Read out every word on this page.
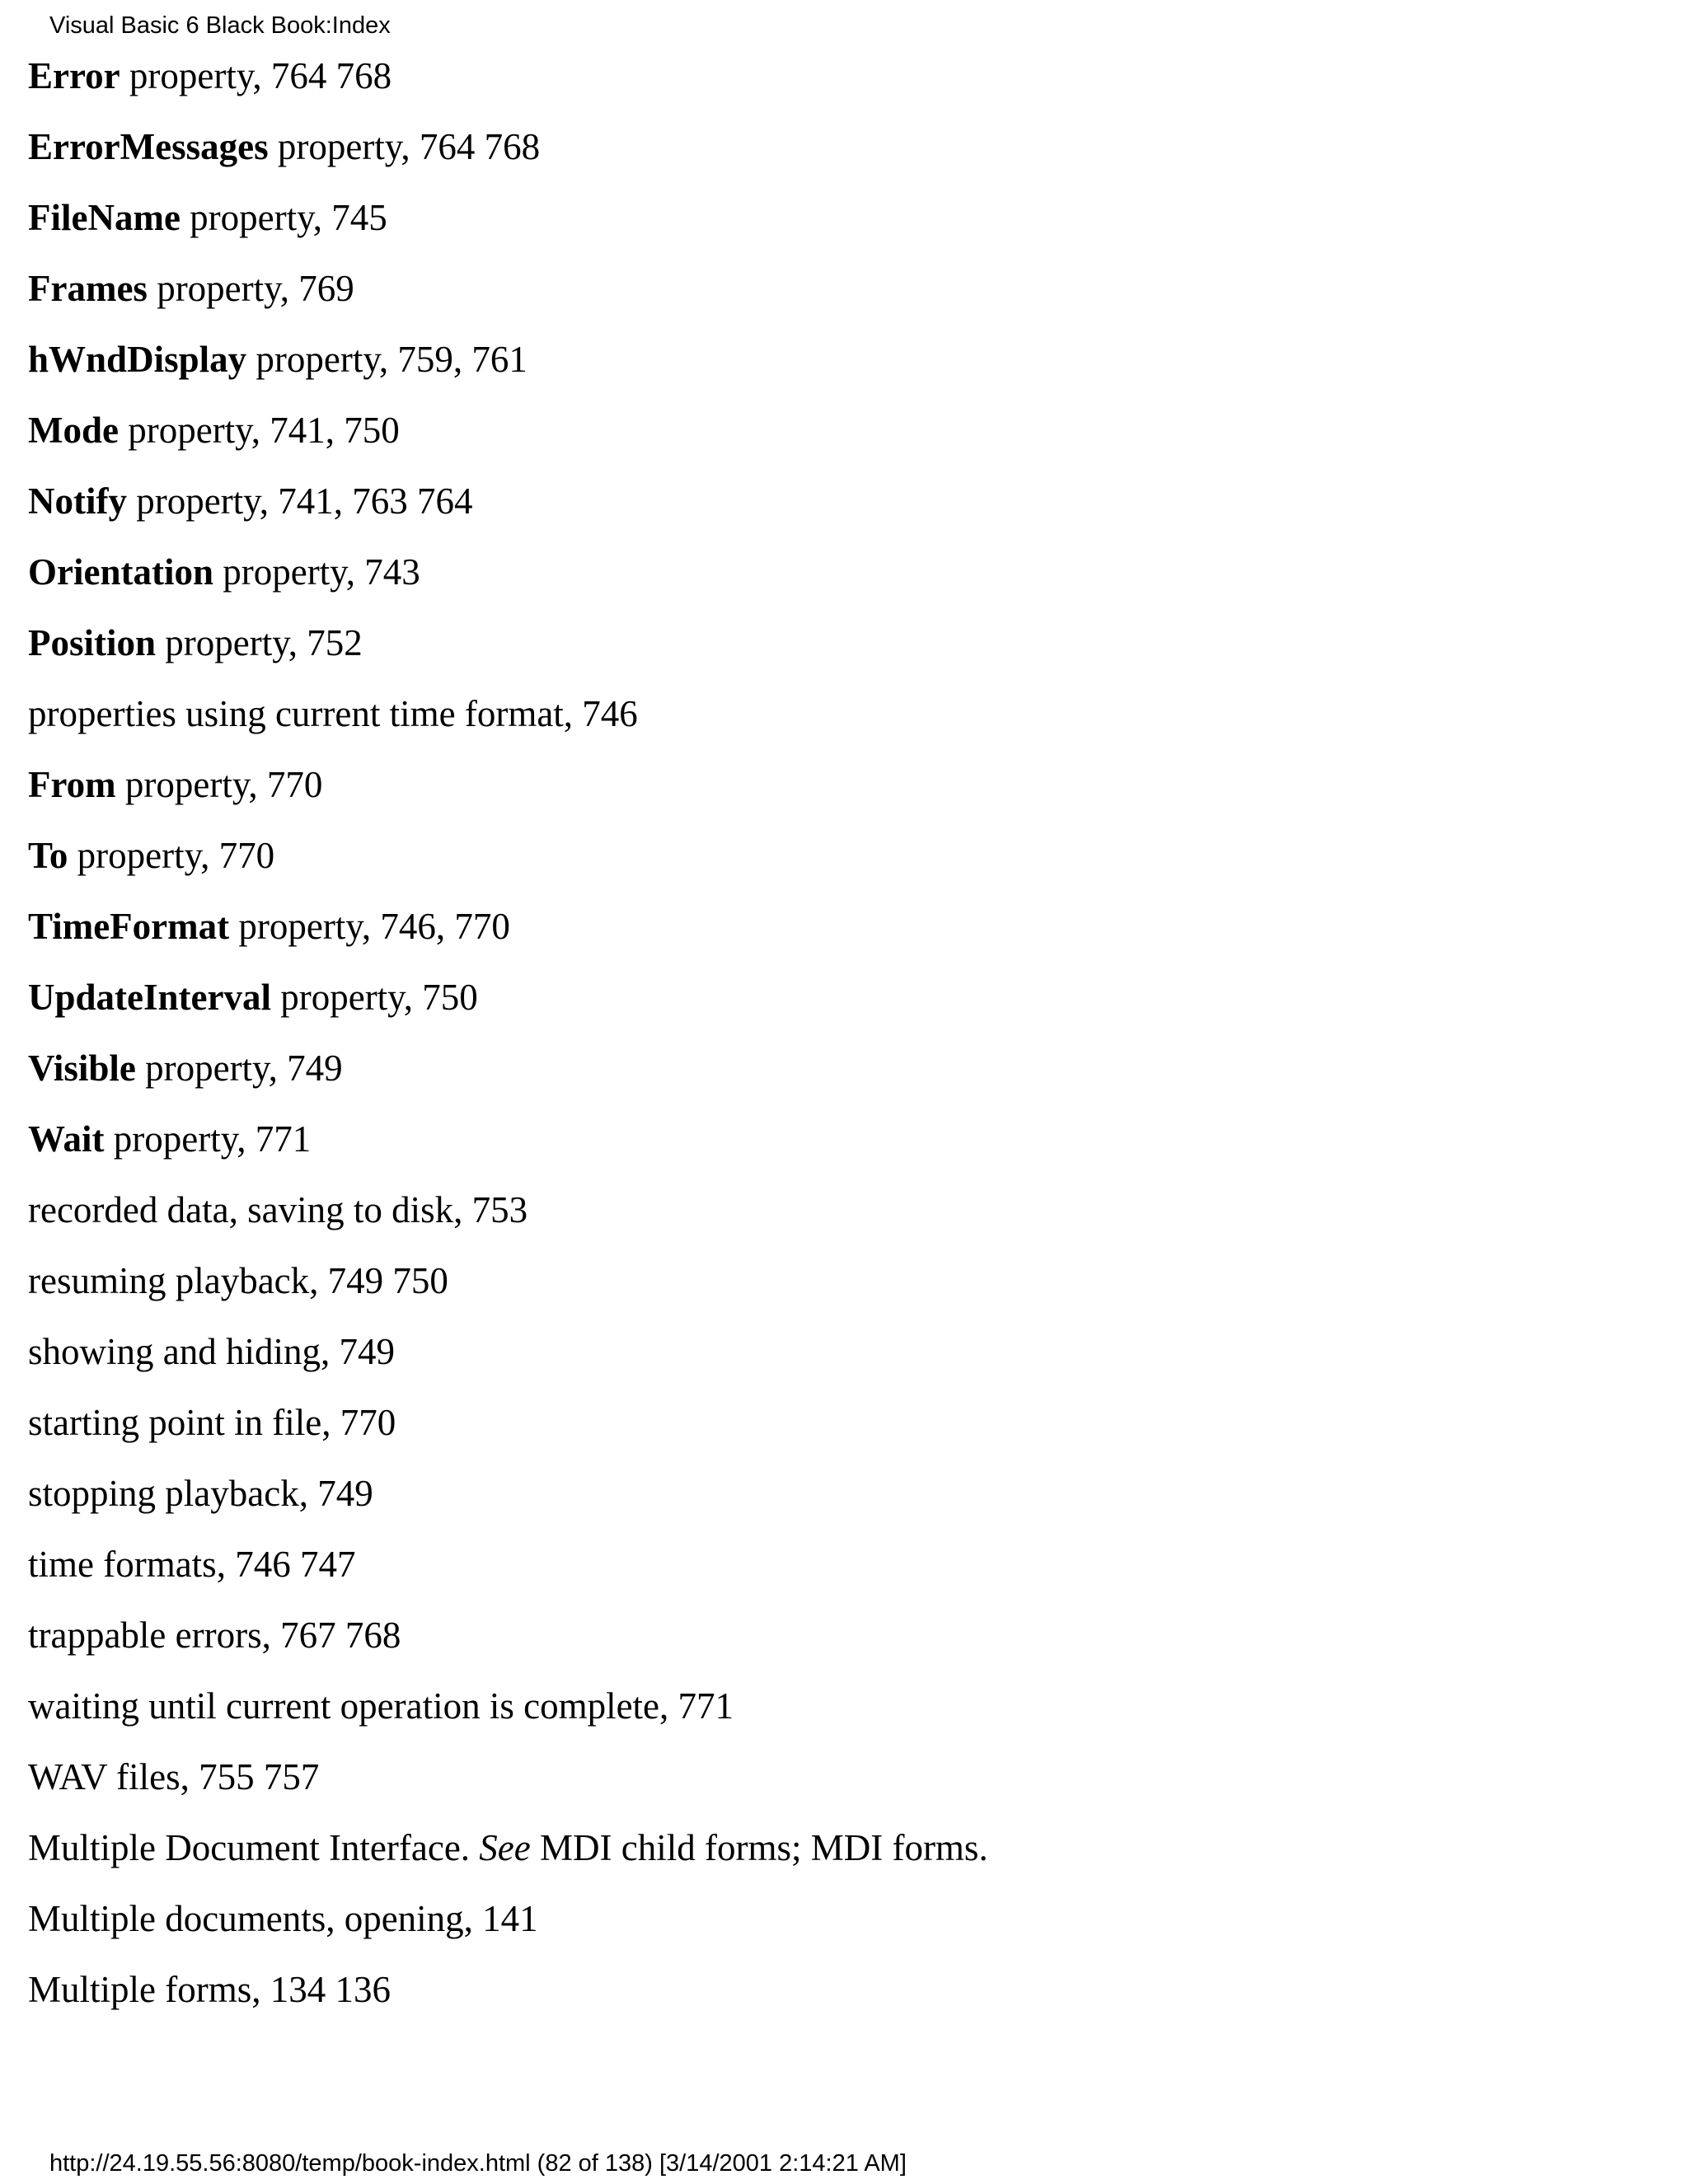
Visual Basic 6 Black Book:Index
Error property, 764 768
ErrorMessages property, 764 768
FileName property, 745
Frames property, 769
hWndDisplay property, 759, 761
Mode property, 741, 750
Notify property, 741, 763 764
Orientation property, 743
Position property, 752
properties using current time format, 746
From property, 770
To property, 770
TimeFormat property, 746, 770
UpdateInterval property, 750
Visible property, 749
Wait property, 771
recorded data, saving to disk, 753
resuming playback, 749 750
showing and hiding, 749
starting point in file, 770
stopping playback, 749
time formats, 746 747
trappable errors, 767 768
waiting until current operation is complete, 771
WAV files, 755 757
Multiple Document Interface. See MDI child forms; MDI forms.
Multiple documents, opening, 141
Multiple forms, 134 136
http://24.19.55.56:8080/temp/book-index.html (82 of 138) [3/14/2001 2:14:21 AM]
